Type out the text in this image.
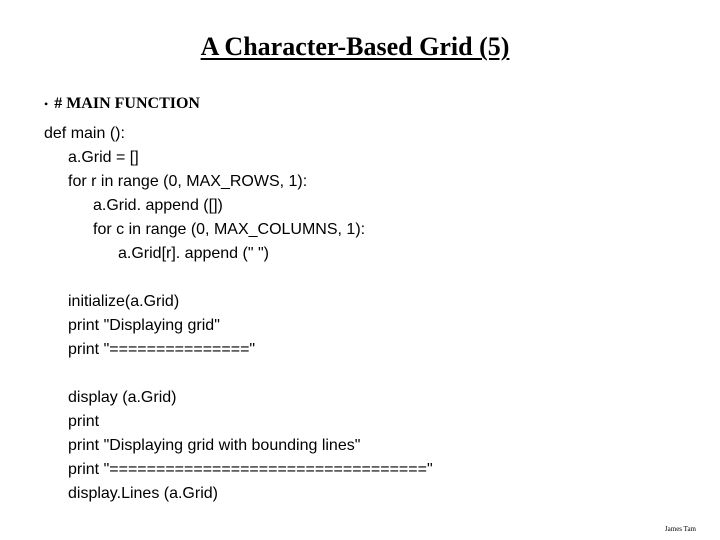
A Character-Based Grid (5)
• # MAIN FUNCTION
def main ():
a.Grid = []
for r in range (0, MAX_ROWS, 1):
a.Grid. append ([])
for c in range (0, MAX_COLUMNS, 1):
a.Grid[r]. append (" ")
initialize(a.Grid)
print "Displaying grid"
print "==============="
display (a.Grid)
print
print "Displaying grid with bounding lines"
print "=================================="
display.Lines (a.Grid)
James Tam
